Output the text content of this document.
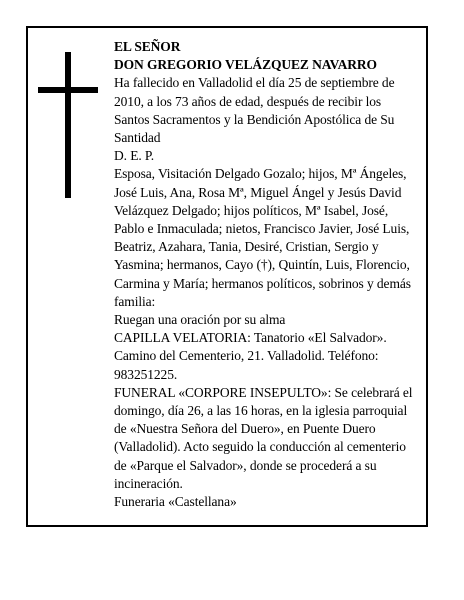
EL SEÑOR

DON GREGORIO VELÁZQUEZ NAVARRO

Ha fallecido en Valladolid el día 25 de septiembre de 2010, a los 73 años de edad, después de recibir los Santos Sacramentos y la Bendición Apostólica de Su Santidad

D. E. P.

Esposa, Visitación Delgado Gozalo; hijos, Mª Ángeles, José Luis, Ana, Rosa Mª, Miguel Ángel y Jesús David Velázquez Delgado; hijos políticos, Mª Isabel, José, Pablo e Inmaculada; nietos, Francisco Javier, José Luis, Beatriz, Azahara, Tania, Desiré, Cristian, Sergio y Yasmina; hermanos, Cayo (†), Quintín, Luis, Florencio, Carmina y María; hermanos políticos, sobrinos y demás familia:

Ruegan una oración por su alma

CAPILLA VELATORIA: Tanatorio «El Salvador». Camino del Cementerio, 21. Valladolid. Teléfono: 983251225.

FUNERAL «CORPORE INSEPULTO»: Se celebrará el domingo, día 26, a las 16 horas, en la iglesia parroquial de «Nuestra Señora del Duero», en Puente Duero (Valladolid). Acto seguido la conducción al cementerio de «Parque el Salvador», donde se procederá a su incineración.

Funeraria «Castellana»
